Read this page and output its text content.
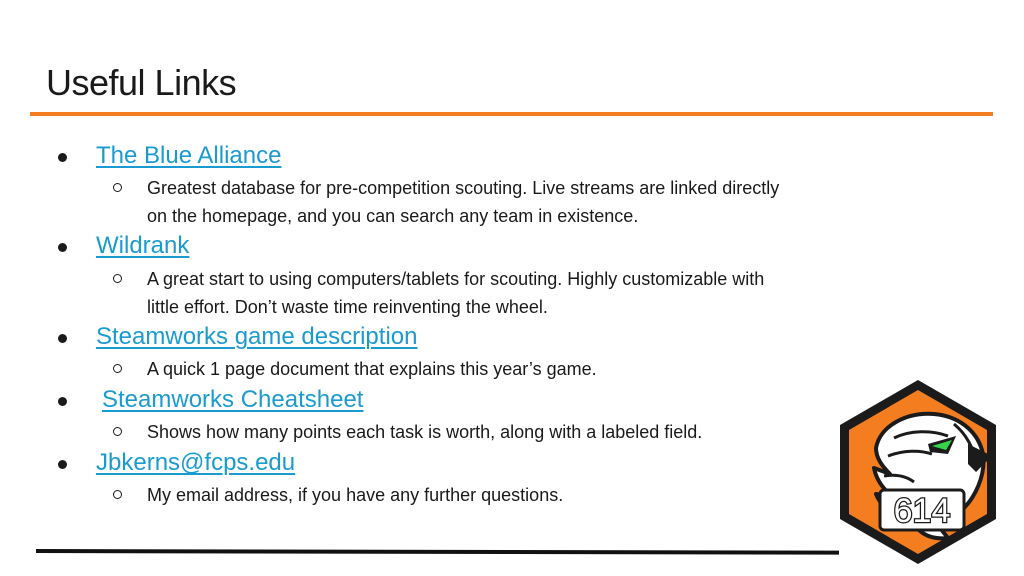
Useful Links
The Blue Alliance
Greatest database for pre-competition scouting. Live streams are linked directly
on the homepage, and you can search any team in existence.
Wildrank
A great start to using computers/tablets for scouting. Highly customizable with
little effort. Don’t waste time reinventing the wheel.
Steamworks game description
A quick 1 page document that explains this year’s game.
Steamworks Cheatsheet
Shows how many points each task is worth, along with a labeled field.
Jbkerns@fcps.edu
My email address, if you have any further questions.	614
